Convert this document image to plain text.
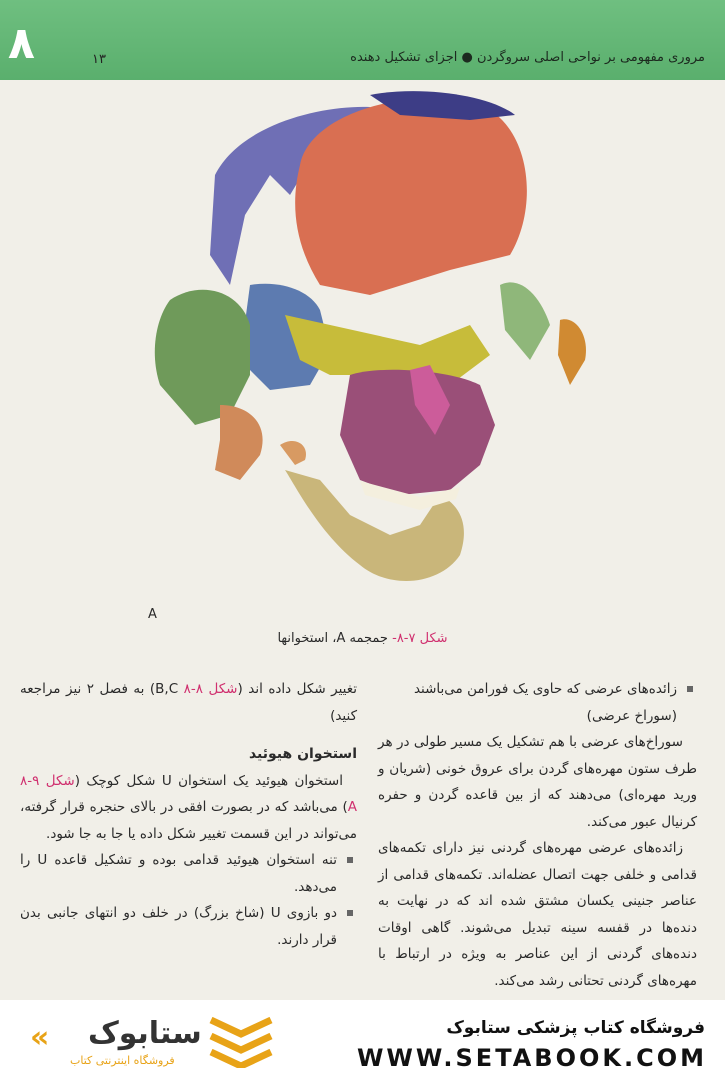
۸	۱۳	مروری مفهومی بر نواحی اصلی سروگردن ● اجزای تشکیل دهنده
A
شکل ۷-۸- جمجمه A، استخوانها

زائده‌های عرضی که حاوی یک فورامن می‌باشند
(سوراخ عرضی)

سوراخ‌های عرضی با هم تشکیل یک مسیر طولی در هر طرف ستون مهره‌های گردن برای عروق خونی (شریان و ورید مهره‌ای) می‌دهند که از بین قاعده گردن و حفره کرنیال عبور می‌کند.

زائده‌های عرضی مهره‌های گردنی نیز دارای تکمه‌های قدامی و خلفی جهت اتصال عضله‌اند. تکمه‌های قدامی از عناصر جنینی یکسان مشتق شده اند که در نهایت به دنده‌ها در قفسه سینه تبدیل می‌شوند. گاهی اوقات دنده‌های گردنی از این عناصر به ویژه در ارتباط با مهره‌های گردنی تحتانی رشد می‌کند.

تغییر شکل داده اند (شکل ۸-۸ B,C) به فصل ۲ نیز مراجعه کنید)

استخوان هیوئید

استخوان هیوئید یک استخوان U شکل کوچک (شکل ۹-۸ A) می‌باشد که در بصورت افقی در بالای حنجره قرار گرفته، می‌تواند در این قسمت تغییر شکل داده یا جا به جا شود.

تنه استخوان هیوئید قدامی بوده و تشکیل قاعده U را می‌دهد.

دو بازوی U (شاخ بزرگ) در خلف دو انتهای جانبی بدن قرار دارند.

فروشگاه کتاب پزشکی ستابوک
WWW.SETABOOK.COM
« ستابوک
فروشگاه اینترنتی کتاب
